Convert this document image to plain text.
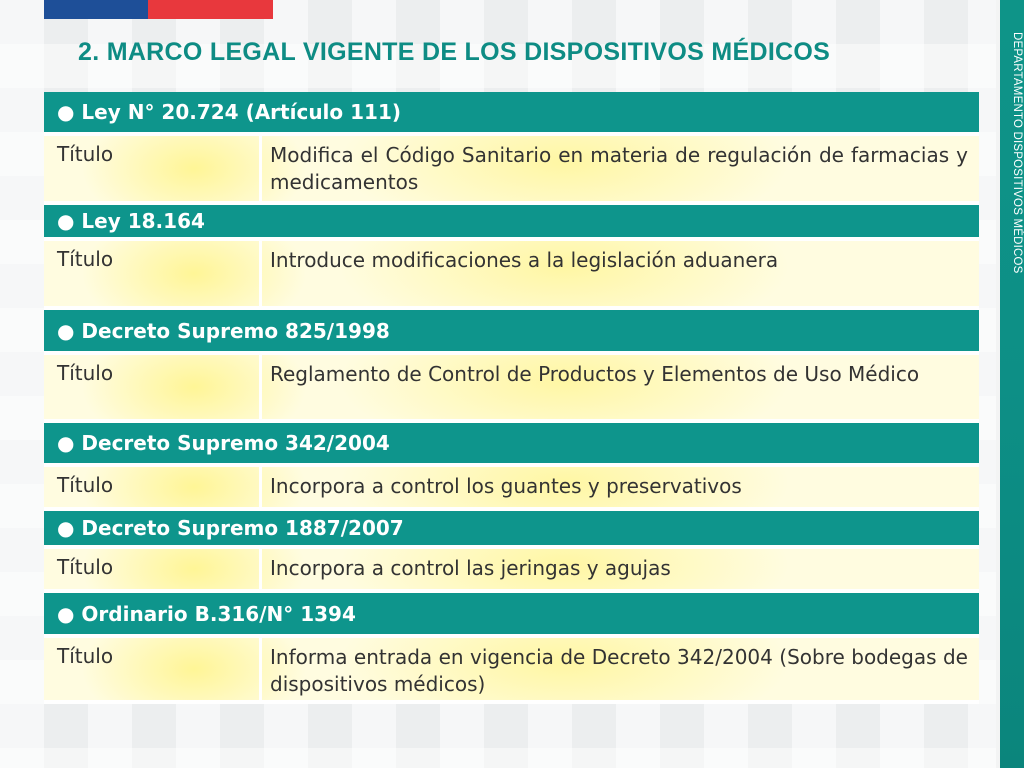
2. MARCO LEGAL VIGENTE DE LOS DISPOSITIVOS MÉDICOS	DEPARTAMENTO DISPOSITIVOS MÉDICOS
● Ley N° 20.724 (Artículo 111)
Título	Modifica el Código Sanitario en materia de regulación de farmacias y medicamentos
● Ley 18.164
Título	Introduce modificaciones a la legislación aduanera
● Decreto Supremo 825/1998
Título	Reglamento de Control de Productos y Elementos de Uso Médico
● Decreto Supremo 342/2004
Título	Incorpora a control los guantes y preservativos
● Decreto Supremo 1887/2007
Título	Incorpora a control las jeringas y agujas
● Ordinario B.316/N° 1394
Título	Informa entrada en vigencia de Decreto 342/2004 (Sobre bodegas de dispositivos médicos)
